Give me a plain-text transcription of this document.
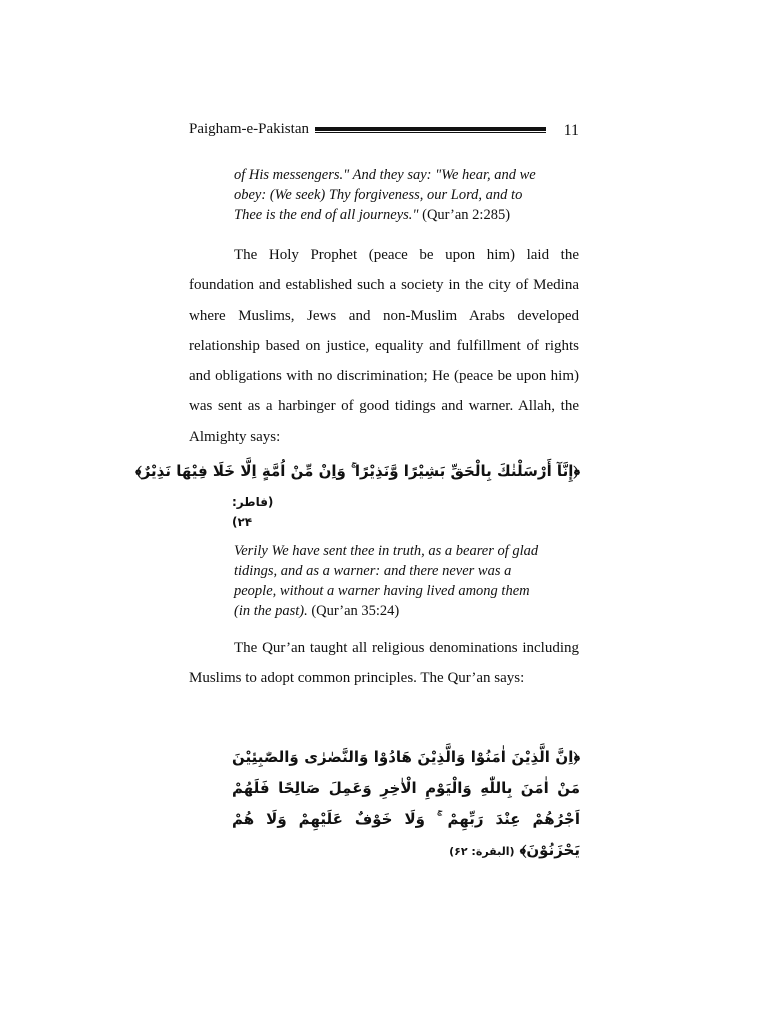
Paigham-e-Pakistan	11
of His messengers." And they say: "We hear, and we obey: (We seek) Thy forgiveness, our Lord, and to Thee is the end of all journeys." (Qur’an 2:285)

The Holy Prophet (peace be upon him) laid the foundation and established such a society in the city of Medina where Muslims, Jews and non-Muslim Arabs developed relationship based on justice, equality and fulfillment of rights and obligations with no discrimination; He (peace be upon him) was sent as a harbinger of good tidings and warner. Allah, the Almighty says:

﴿إِنَّآ أَرْسَلْنٰكَ بِالْحَقِّ بَشِيْرًا وَّنَذِيْرًا ۚ وَاِنْ مِّنْ اُمَّةٍ اِلَّا خَلَا فِيْهَا نَذِيْرٌ﴾
(فاطر: ۲۴)
Verily We have sent thee in truth, as a bearer of glad tidings, and as a warner: and there never was a people, without a warner having lived among them (in the past). (Qur’an 35:24)

The Qur’an taught all religious denominations including Muslims to adopt common principles. The Qur’an says:

﴿اِنَّ الَّذِيْنَ اٰمَنُوْا وَالَّذِيْنَ هَادُوْا وَالنَّصٰرٰى وَالصّٰبِئِيْنَ مَنْ اٰمَنَ بِاللّٰهِ وَالْيَوْمِ الْاٰخِرِ وَعَمِلَ صَالِحًا فَلَهُمْ اَجْرُهُمْ عِنْدَ رَبِّهِمْ ۚ وَلَا خَوْفٌ عَلَيْهِمْ وَلَا هُمْ يَحْزَنُوْنَ﴾ (البقرة: ۶۲)
